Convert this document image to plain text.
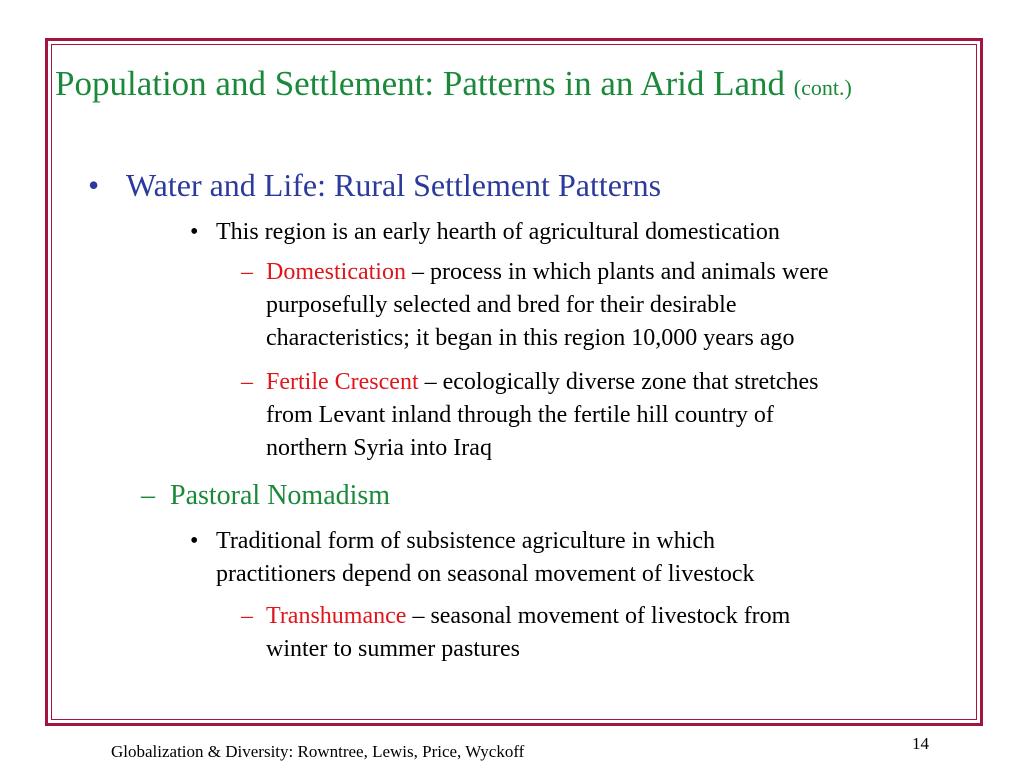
Population and Settlement: Patterns in an Arid Land (cont.)
• Water and Life: Rural Settlement Patterns
• This region is an early hearth of agricultural domestication
– Domestication – process in which plants and animals were
purposefully selected and bred for their desirable
characteristics; it began in this region 10,000 years ago
– Fertile Crescent – ecologically diverse zone that stretches
from Levant inland through the fertile hill country of
northern Syria into Iraq
– Pastoral Nomadism
• Traditional form of subsistence agriculture in which
practitioners depend on seasonal movement of livestock
– Transhumance – seasonal movement of livestock from
winter to summer pastures
Globalization & Diversity: Rowntree, Lewis, Price, Wyckoff	14
